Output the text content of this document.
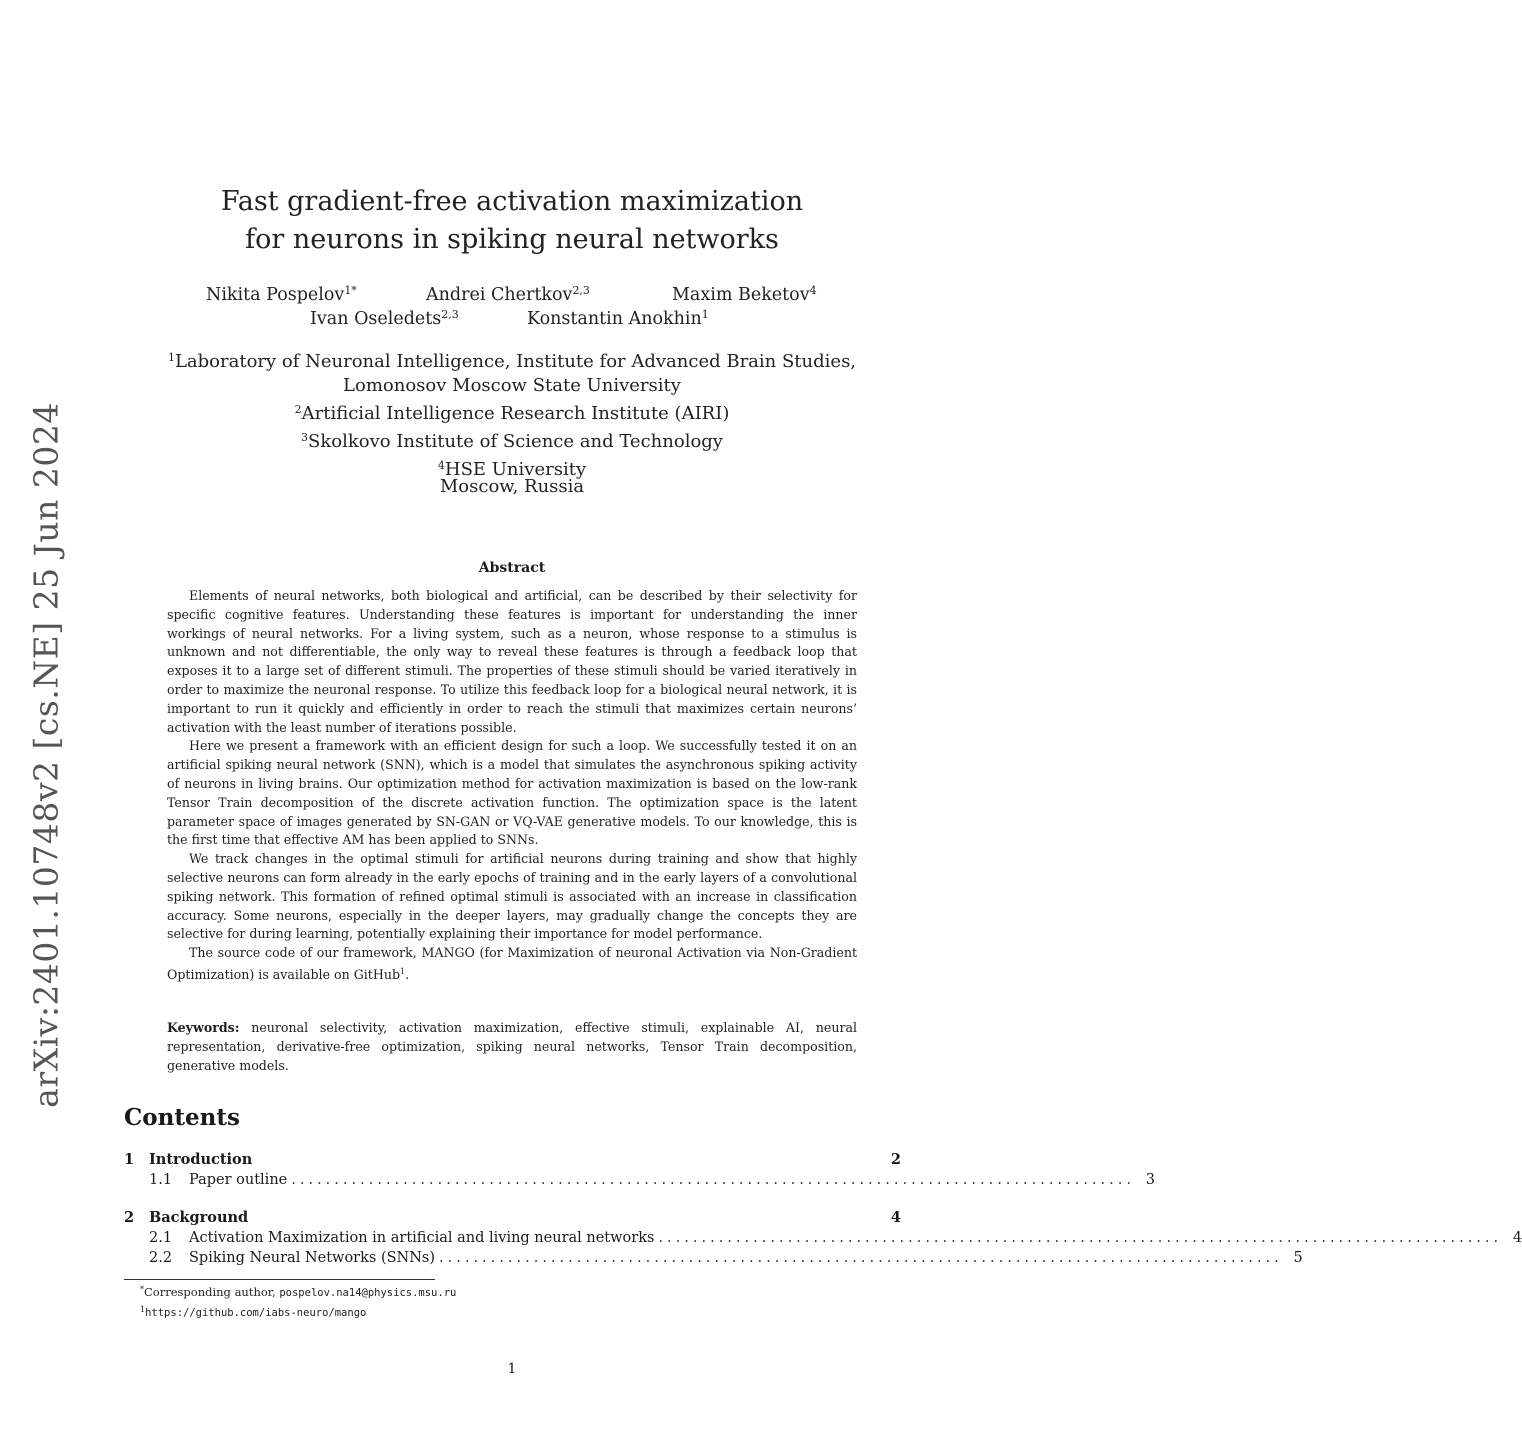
arXiv:2401.10748v2 [cs.NE] 25 Jun 2024
Fast gradient-free activation maximization
for neurons in spiking neural networks
Nikita Pospelov$^{1*}$	Andrei Chertkov$^{2,3}$	Maxim Beketov$^4$
Ivan Oseledets$^{2,3}$	Konstantin Anokhin$^1$
$^1$Laboratory of Neuronal Intelligence, Institute for Advanced Brain Studies,
Lomonosov Moscow State University
$^2$Artificial Intelligence Research Institute (AIRI)
$^3$Skolkovo Institute of Science and Technology
$^4$HSE University
Moscow, Russia
Abstract

Elements of neural networks, both biological and artificial, can be described by their selectivity for specific cognitive features. Understanding these features is important for understanding the inner workings of neural networks. For a living system, such as a neuron, whose response to a stimulus is unknown and not differentiable, the only way to reveal these features is through a feedback loop that exposes it to a large set of different stimuli. The properties of these stimuli should be varied iteratively in order to maximize the neuronal response. To utilize this feedback loop for a biological neural network, it is important to run it quickly and efficiently in order to reach the stimuli that maximizes certain neurons’ activation with the least number of iterations possible.

Here we present a framework with an efficient design for such a loop. We successfully tested it on an artificial spiking neural network (SNN), which is a model that simulates the asynchronous spiking activity of neurons in living brains. Our optimization method for activation maximization is based on the low-rank Tensor Train decomposition of the discrete activation function. The optimization space is the latent parameter space of images generated by SN-GAN or VQ-VAE generative models. To our knowledge, this is the first time that effective AM has been applied to SNNs.

We track changes in the optimal stimuli for artificial neurons during training and show that highly selective neurons can form already in the early epochs of training and in the early layers of a convolutional spiking network. This formation of refined optimal stimuli is associated with an increase in classification accuracy. Some neurons, especially in the deeper layers, may gradually change the concepts they are selective for during learning, potentially explaining their importance for model performance.

The source code of our framework, MANGO (for Maximization of neuronal Activation via Non-Gradient Optimization) is available on GitHub$^1$.

Keywords: neuronal selectivity, activation maximization, effective stimuli, explainable AI, neural representation, derivative-free optimization, spiking neural networks, Tensor Train decomposition, generative models.
Contents
1	Introduction	2
1.1	Paper outline .................................................................................................. 3
2	Background	4
2.1	Activation Maximization in artificial and living neural networks .................................................................................................. 4
2.2	Spiking Neural Networks (SNNs) .................................................................................................. 5
*Corresponding author, pospelov.na14@physics.msu.ru
$^1$https://github.com/iabs-neuro/mango
1
